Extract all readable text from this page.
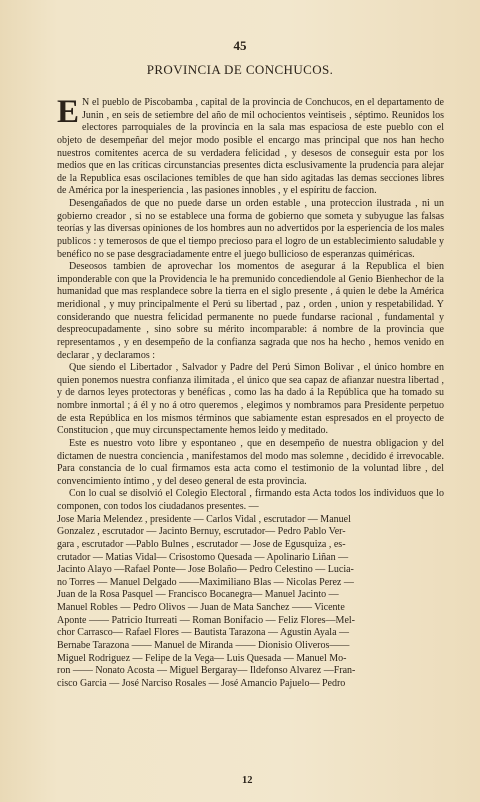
45
PROVINCIA DE CONCHUCOS.

E N el pueblo de Piscobamba , capital de la provincia de Conchucos, en el departamento de Junin , en seis de setiembre del año de mil ochocientos veintiseis , séptimo. Reunidos los electores parroquiales de la provincia en la sala mas espaciosa de este pueblo con el objeto de desempeñar del mejor modo posible el encargo mas principal que nos han hecho nuestros comitentes acerca de su verdadera felicidad , y desesos de conseguir esta por los medios que en las críticas circunstancias presentes dicta esclusivamente la prudencia para alejar de la Republica esas oscilaciones temibles de que han sido agitadas las demas secciones libres de América por la inesperiencia , las pasiones innobles , y el espíritu de faccion.

Desengañados de que no puede darse un orden estable , una proteccion ilustrada , ni un gobierno creador , si no se establece una forma de gobierno que someta y subyugue las falsas teorías y las diversas opiniones de los hombres aun no advertidos por la esperiencia de los males publicos : y temerosos de que el tiempo precioso para el logro de un establecimiento saludable y benéfico no se pase desgraciadamente entre el juego bullicioso de esperanzas quiméricas.

Deseosos tambien de aprovechar los momentos de asegurar á la Republica el bien imponderable con que la Providencia le ha premunido concediendole al Genio Bienhechor de la humanidad que mas resplandece sobre la tierra en el siglo presente , á quien le debe la América meridional , y muy principalmente el Perú su libertad , paz , orden , union y respetabilidad. Y considerando que nuestra felicidad permanente no puede fundarse racional , fundamental y despreocupadamente , sino sobre su mérito incomparable: á nombre de la provincia que representamos , y en desempeño de la confianza sagrada que nos ha hecho , hemos venido en declarar , y declaramos :

Que siendo el Libertador , Salvador y Padre del Perú Simon Bolivar , el único hombre en quien ponemos nuestra confianza ilimitada , el único que sea capaz de afianzar nuestra libertad , y de darnos leyes protectoras y benéficas , como las ha dado á la República que ha tomado su nombre inmortal ; á él y no á otro queremos , elegimos y nombramos para Presidente perpetuo de esta República en los mismos términos que sabiamente estan espresados en el proyecto de Constitucion , que muy circunspectamente hemos leido y meditado.

Este es nuestro voto libre y espontaneo , que en desempeño de nuestra obligacion y del dictamen de nuestra conciencia , manifestamos del modo mas solemne , decidido é irrevocable. Para constancia de lo cual firmamos esta acta como el testimonio de la voluntad libre , del convencimiento íntimo , y del deseo general de esta provincia.

Con lo cual se disolvió el Colegio Electoral , firmando esta Acta todos los individuos que lo componen, con todos los ciudadanos presentes. —

Jose Maria Melendez , presidente — Carlos Vidal , escrutador — Manuel

Gonzalez , escrutador — Jacinto Bernuy, escrutador— Pedro Pablo Ver-

gara , escrutador —Pablo Bulnes , escrutador — Jose de Egusquiza , es-

crutador — Matias Vidal— Crisostomo Quesada — Apolinario Liñan —

Jacinto Alayo —Rafael Ponte— Jose Bolaño— Pedro Celestino — Lucia-

no Torres — Manuel Delgado ——Maximiliano Blas — Nicolas Perez —

Juan de la Rosa Pasquel — Francisco Bocanegra— Manuel Jacinto —

Manuel Robles — Pedro Olivos — Juan de Mata Sanchez —— Vicente

Aponte —— Patricio Iturreati — Roman Bonifacio — Feliz Flores—Mel-

chor Carrasco— Rafael Flores — Bautista Tarazona — Agustin Ayala —

Bernabe Tarazona —— Manuel de Miranda —— Dionisio Oliveros——

Miguel Rodriguez — Felipe de la Vega— Luis Quesada — Manuel Mo-

ron —— Nonato Acosta — Miguel Bergaray— Ildefonso Alvarez —Fran-

cisco Garcia — José Narciso Rosales — José Amancio Pajuelo— Pedro

12
